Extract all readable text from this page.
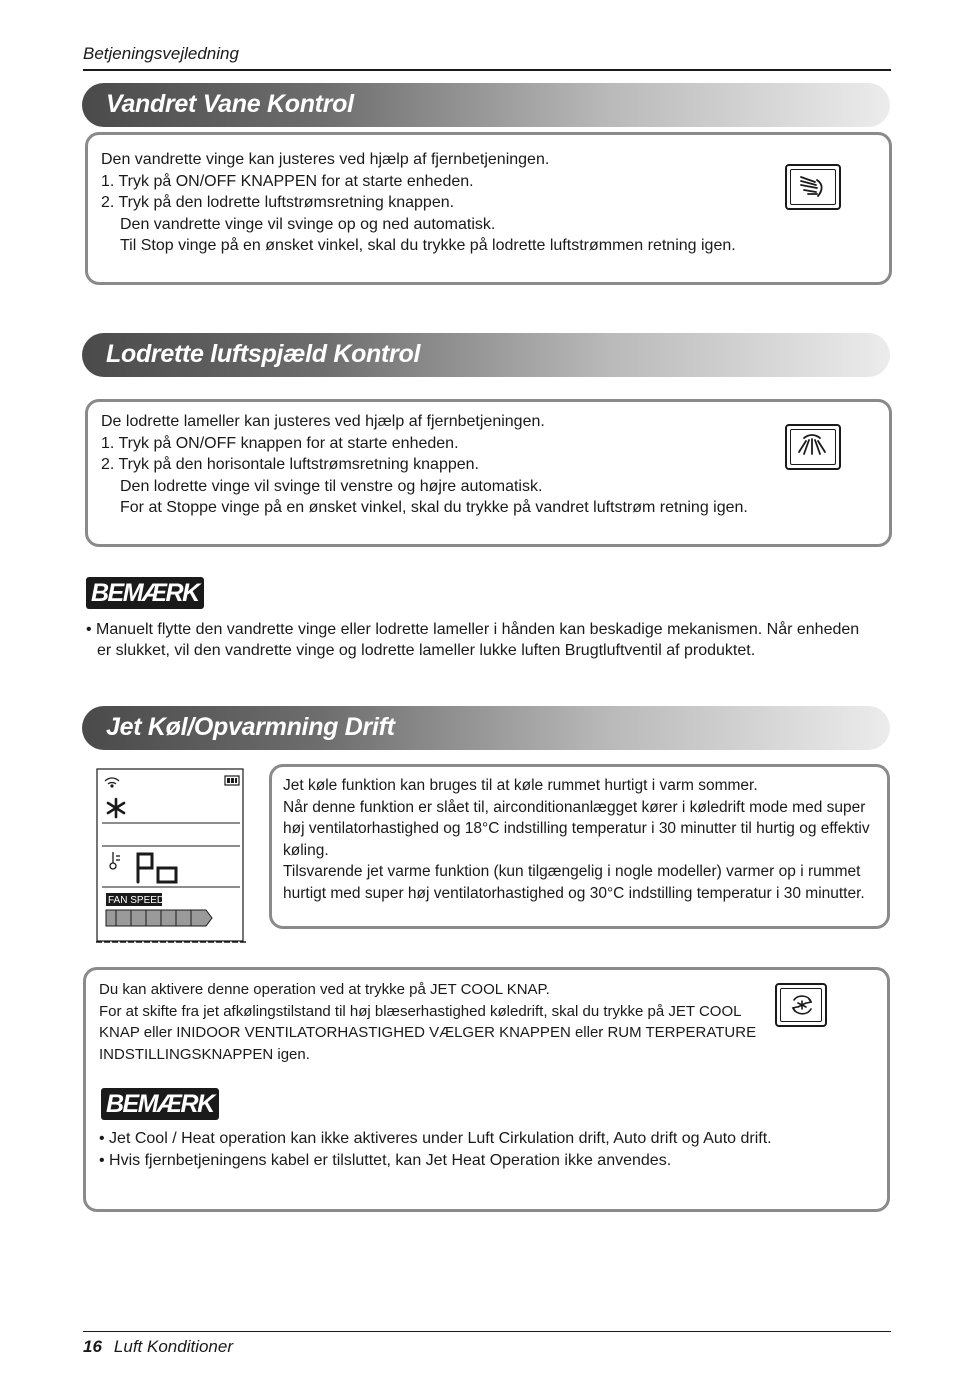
Betjeningsvejledning
Vandret Vane Kontrol
Den vandrette vinge kan justeres ved hjælp af fjernbetjeningen.
1. Tryk på ON/OFF KNAPPEN for at starte enheden.
2. Tryk på den lodrette luftstrømsretning knappen.
Den vandrette vinge vil svinge op og ned automatisk.
Til Stop vinge på en ønsket vinkel, skal du trykke på lodrette luftstrømmen retning igen.
Lodrette luftspjæld Kontrol
De lodrette lameller kan justeres ved hjælp af fjernbetjeningen.
1. Tryk på ON/OFF knappen for at starte enheden.
2. Tryk på den horisontale luftstrømsretning knappen.
Den lodrette vinge vil svinge til venstre og højre automatisk.
For at Stoppe vinge på en ønsket vinkel, skal du trykke på vandret luftstrøm retning igen.
BEMÆRK
• Manuelt flytte den vandrette vinge eller lodrette lameller i hånden kan beskadige mekanismen. Når enheden
er slukket, vil den vandrette vinge og lodrette lameller lukke luften Brugtluftventil af produktet.
Jet Køl/Opvarmning Drift
FAN SPEED
Jet køle funktion kan bruges til at køle rummet hurtigt i varm sommer.
Når denne funktion er slået til, airconditionanlægget kører i køledrift mode med super
høj ventilatorhastighed og 18°C indstilling temperatur i 30 minutter til hurtig og effektiv
køling.
Tilsvarende jet varme funktion (kun tilgængelig i nogle modeller) varmer op i rummet
hurtigt med super høj ventilatorhastighed og 30°C indstilling temperatur i 30 minutter.
Du kan aktivere denne operation ved at trykke på JET COOL KNAP.
For at skifte fra jet afkølingstilstand til høj blæserhastighed køledrift, skal du trykke på JET COOL
KNAP eller INIDOOR VENTILATORHASTIGHED VÆLGER KNAPPEN eller RUM TERPERATURE
INDSTILLINGSKNAPPEN igen.
BEMÆRK
• Jet Cool / Heat operation kan ikke aktiveres under Luft Cirkulation drift, Auto drift og Auto drift.
• Hvis fjernbetjeningens kabel er tilsluttet, kan Jet Heat Operation ikke anvendes.
16 Luft Konditioner
